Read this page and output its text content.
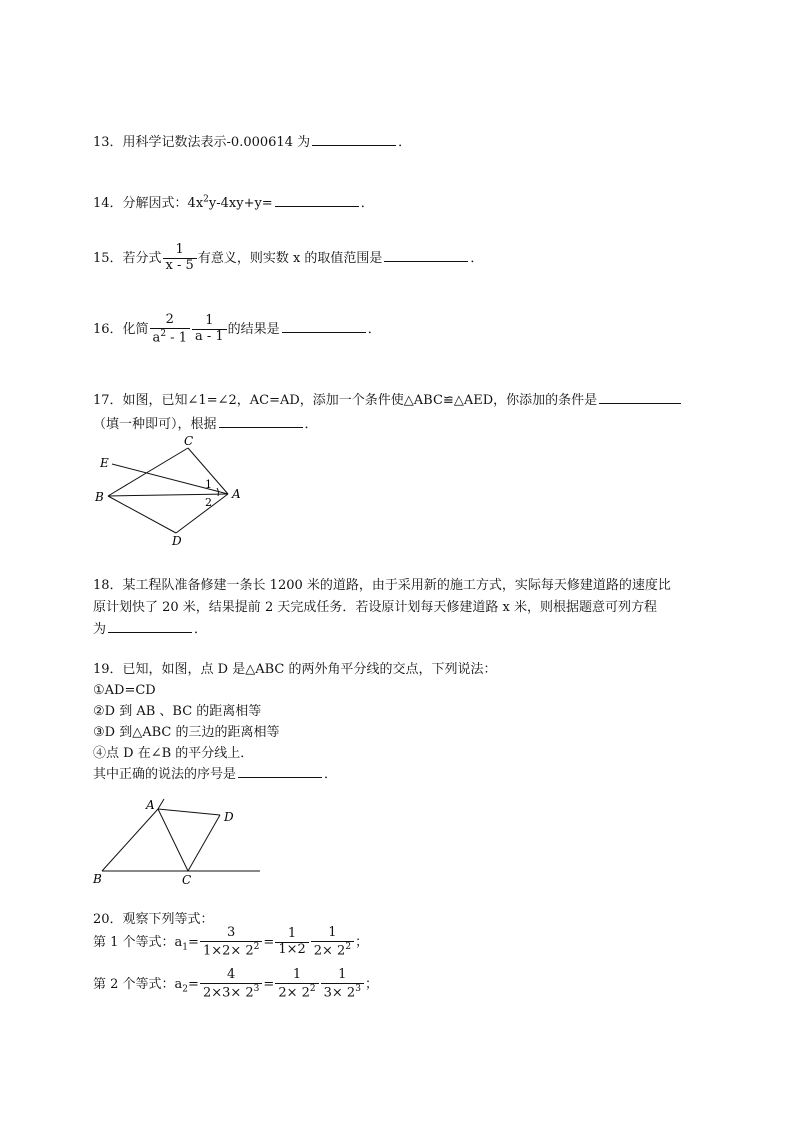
13．用科学记数法表示-0.000614 为	．
14．分解因式：$4x^2y-4xy+y=$	．
15．若分式 $\frac{1}{x - 5}$ 有意义，则实数 x 的取值范围是	．
16．化简 $\frac{2}{a^2 - 1} \frac{1}{a - 1}$ 的结果是	．
17．如图，已知∠1=∠2，AC=AD，添加一个条件使△ABC≌△AED，你添加的条件是
（填一种即可），根据	．
C
E
B	A
D
1
2
18．某工程队准备修建一条长 1200 米的道路，由于采用新的施工方式，实际每天修建道路的速度比
原计划快了 20 米，结果提前 2 天完成任务．若设原计划每天修建道路 x 米，则根据题意可列方程
为	．
19．已知，如图，点 D 是△ABC 的两外角平分线的交点，下列说法：
①AD=CD
②D 到 AB 、BC 的距离相等
③D 到△ABC 的三边的距离相等
④点 D 在∠B 的平分线上．
其中正确的说法的序号是	．
A
B	C
D
20．观察下列等式：
第 1 个等式：$a_1= \frac{3}{1\times 2\times 2^2} = \frac{1}{1\times 2} \frac{1}{2\times 2^2}$ ；
第 2 个等式：$a_2= \frac{4}{2\times 3\times 2^3} = \frac{1}{2\times 2^2} \frac{1}{3\times 2^3}$ ；
